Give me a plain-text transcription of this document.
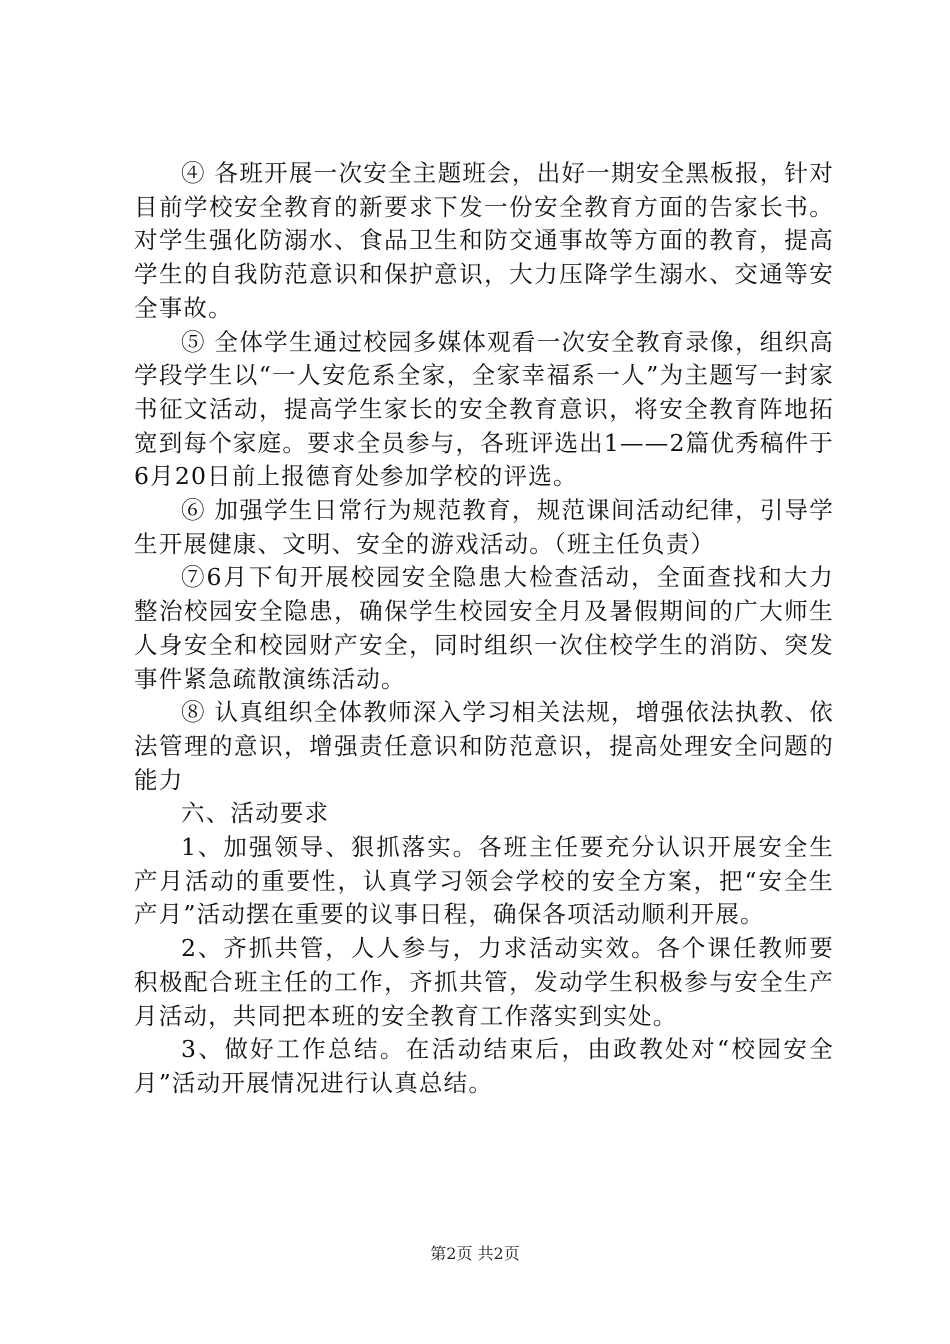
④ 各班开展一次安全主题班会，出好一期安全黑板报，针对目前学校安全教育的新要求下发一份安全教育方面的告家长书。对学生强化防溺水、食品卫生和防交通事故等方面的教育，提高学生的自我防范意识和保护意识，大力压降学生溺水、交通等安全事故。

⑤ 全体学生通过校园多媒体观看一次安全教育录像，组织高学段学生以“一人安危系全家，全家幸福系一人”为主题写一封家书征文活动，提高学生家长的安全教育意识，将安全教育阵地拓宽到每个家庭。要求全员参与，各班评选出1——2篇优秀稿件于6月20日前上报德育处参加学校的评选。

⑥ 加强学生日常行为规范教育，规范课间活动纪律，引导学生开展健康、文明、安全的游戏活动。（班主任负责）

⑦6月下旬开展校园安全隐患大检查活动，全面查找和大力整治校园安全隐患，确保学生校园安全月及暑假期间的广大师生人身安全和校园财产安全，同时组织一次住校学生的消防、突发事件紧急疏散演练活动。

⑧ 认真组织全体教师深入学习相关法规，增强依法执教、依法管理的意识，增强责任意识和防范意识，提高处理安全问题的能力

六、活动要求

1、加强领导、狠抓落实。各班主任要充分认识开展安全生产月活动的重要性，认真学习领会学校的安全方案，把“安全生产月”活动摆在重要的议事日程，确保各项活动顺利开展。

2、齐抓共管，人人参与，力求活动实效。各个课任教师要积极配合班主任的工作，齐抓共管，发动学生积极参与安全生产月活动，共同把本班的安全教育工作落实到实处。

3、做好工作总结。在活动结束后，由政教处对“校园安全月”活动开展情况进行认真总结。

第2页 共2页
